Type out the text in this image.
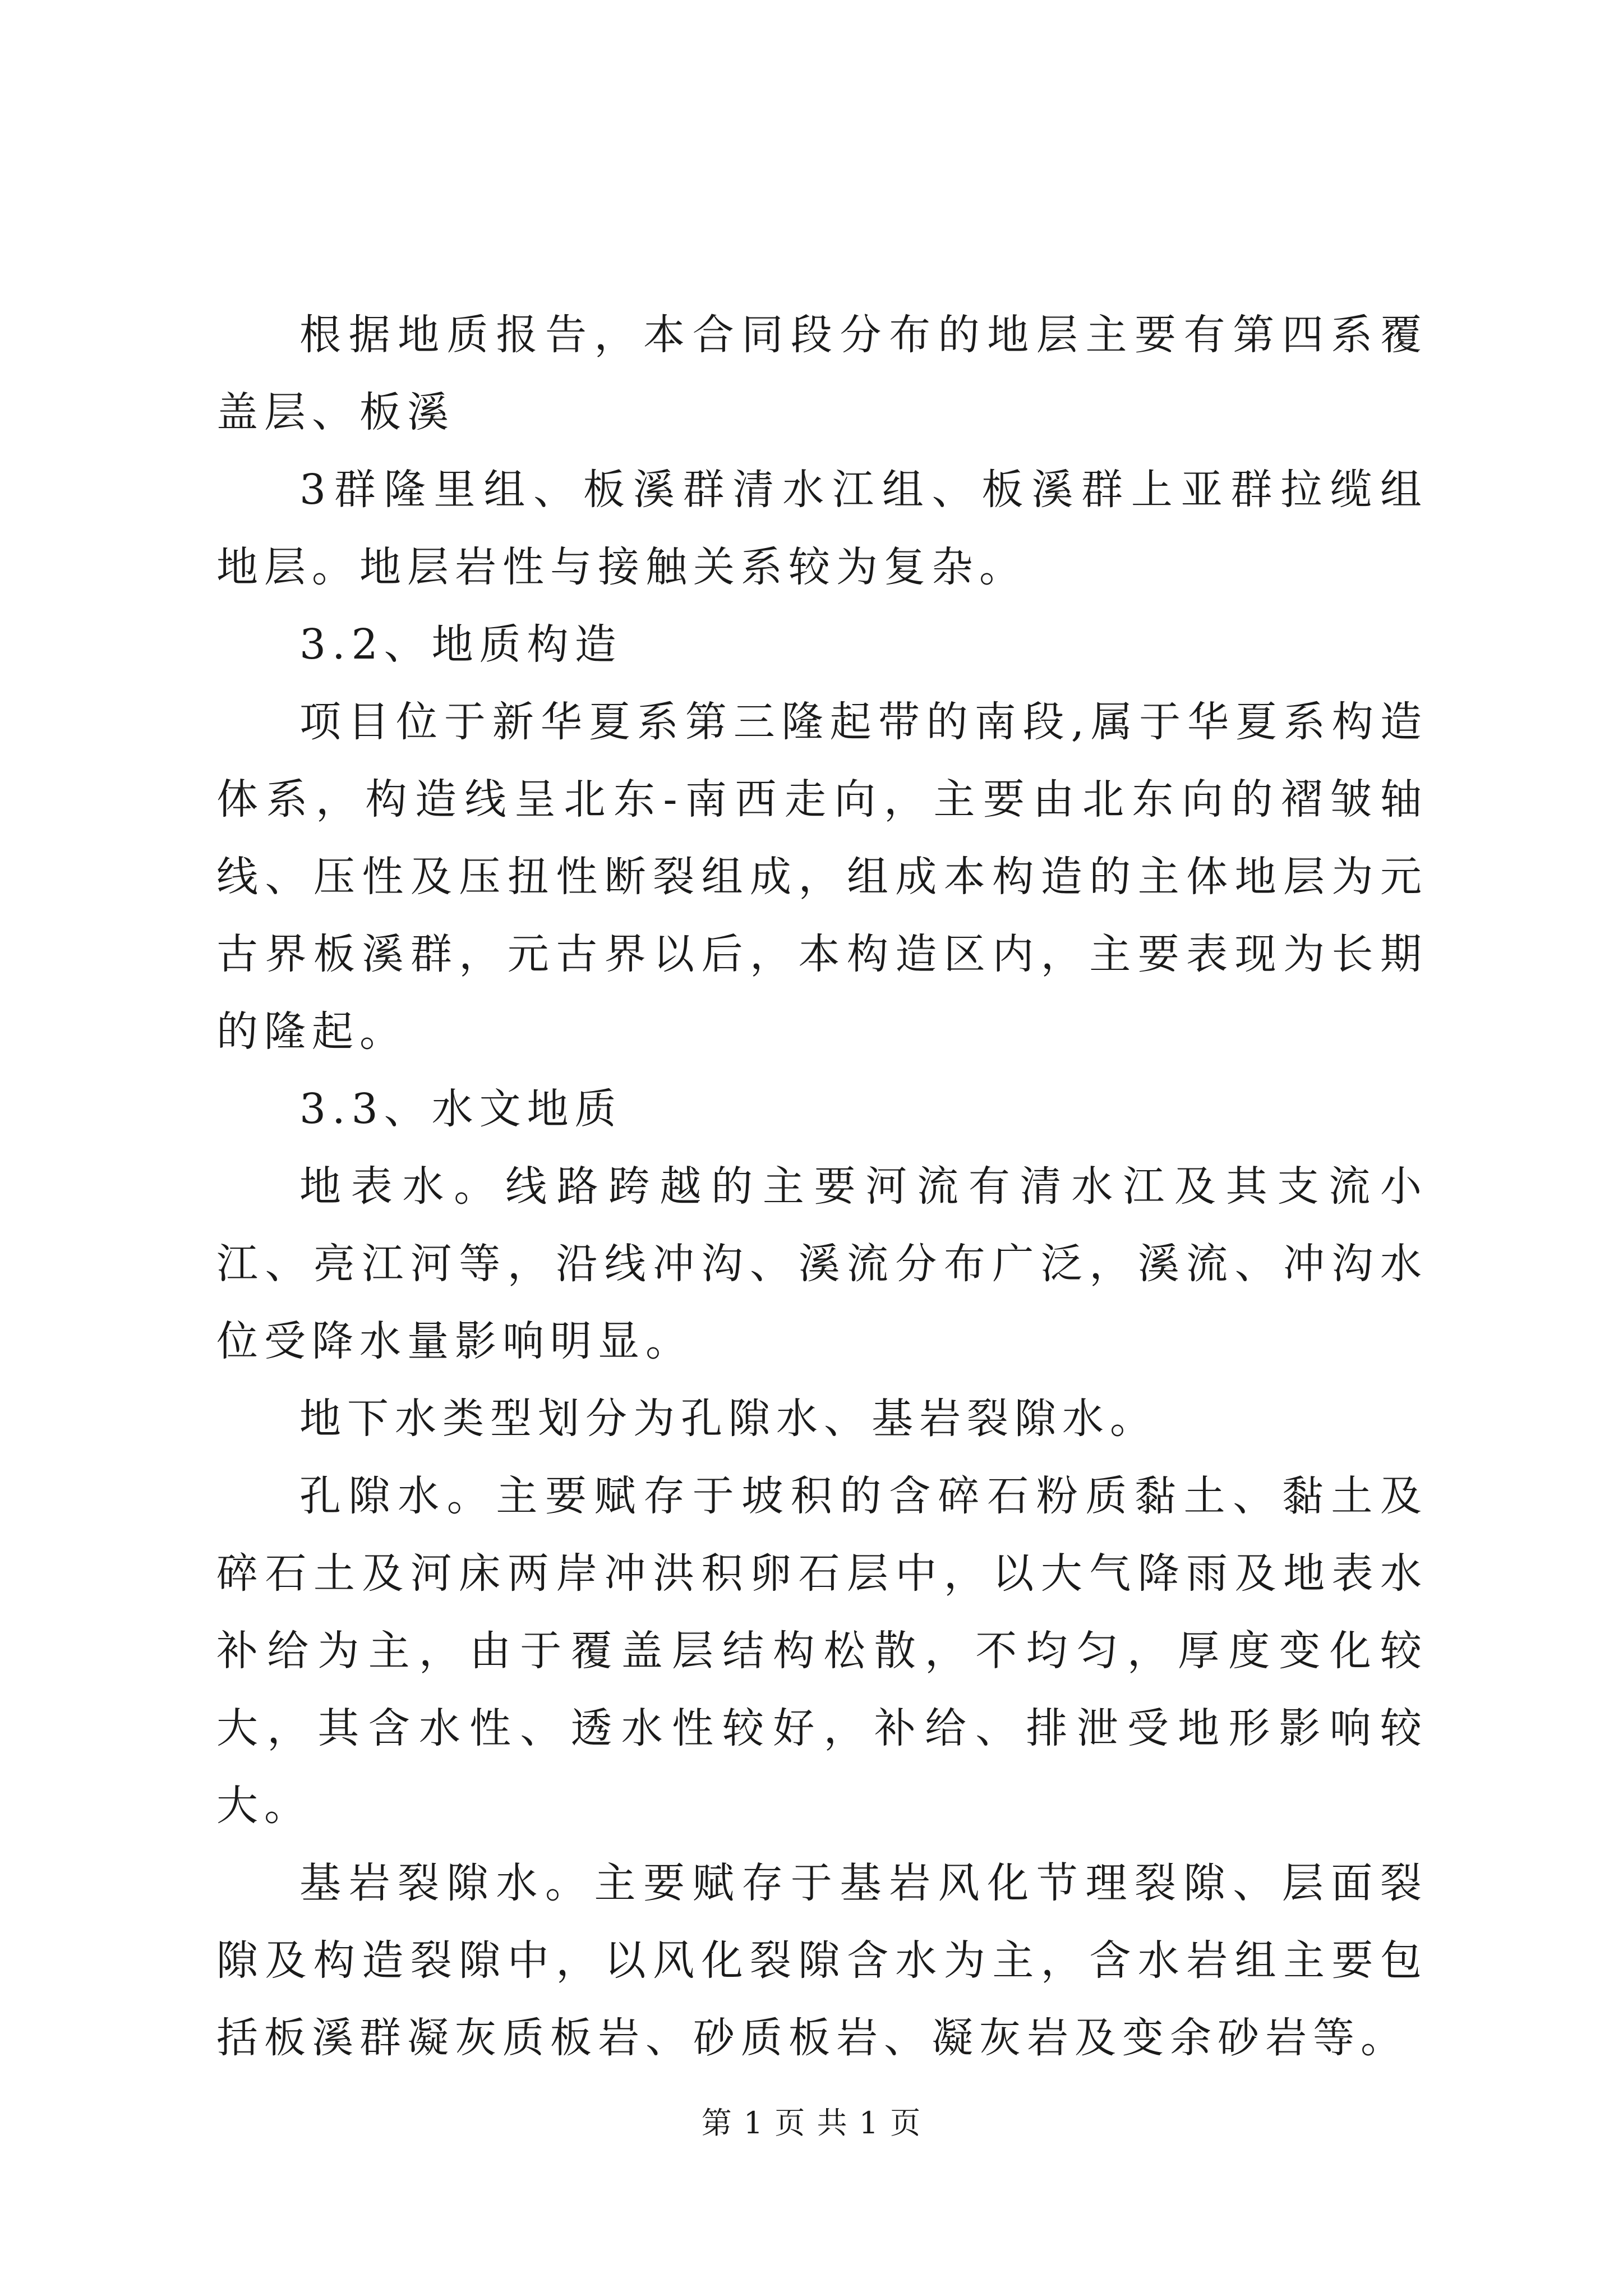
根据地质报告，本合同段分布的地层主要有第四系覆盖层、板溪

3群隆里组、板溪群清水江组、板溪群上亚群拉缆组地层。地层岩性与接触关系较为复杂。

3.2、地质构造

项目位于新华夏系第三隆起带的南段,属于华夏系构造体系，构造线呈北东-南西走向，主要由北东向的褶皱轴线、压性及压扭性断裂组成，组成本构造的主体地层为元古界板溪群，元古界以后，本构造区内，主要表现为长期的隆起。

3.3、水文地质

地表水。线路跨越的主要河流有清水江及其支流小江、亮江河等，沿线冲沟、溪流分布广泛，溪流、冲沟水位受降水量影响明显。

地下水类型划分为孔隙水、基岩裂隙水。

孔隙水。主要赋存于坡积的含碎石粉质黏土、黏土及碎石土及河床两岸冲洪积卵石层中，以大气降雨及地表水补给为主，由于覆盖层结构松散，不均匀，厚度变化较大，其含水性、透水性较好，补给、排泄受地形影响较大。

基岩裂隙水。主要赋存于基岩风化节理裂隙、层面裂隙及构造裂隙中，以风化裂隙含水为主，含水岩组主要包括板溪群凝灰质板岩、砂质板岩、凝灰岩及变余砂岩等。

第 1 页 共 1 页
